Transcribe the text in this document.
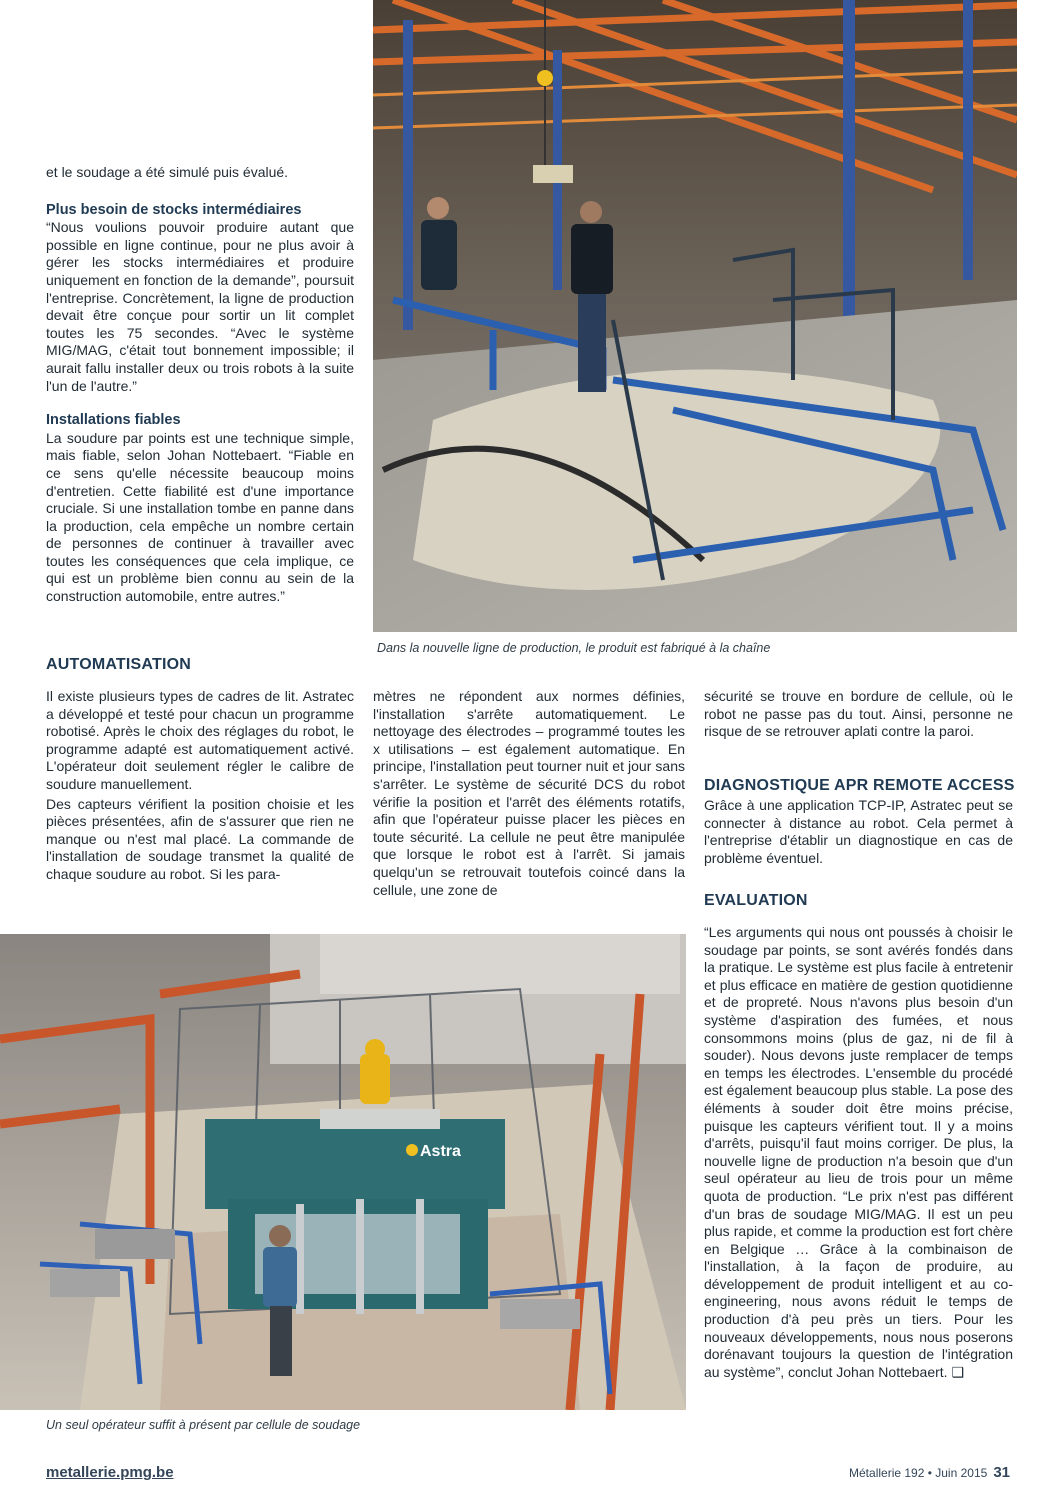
et le soudage a été simulé puis évalué.

Plus besoin de stocks intermédiaires

“Nous voulions pouvoir produire autant que possible en ligne continue, pour ne plus avoir à gérer les stocks intermédiaires et produire uniquement en fonction de la demande”, poursuit l'entreprise. Concrètement, la ligne de production devait être conçue pour sortir un lit complet toutes les 75 secondes. “Avec le système MIG/MAG, c'était tout bonnement impossible; il aurait fallu installer deux ou trois robots à la suite l'un de l'autre.”

Installations fiables

La soudure par points est une technique simple, mais fiable, selon Johan Nottebaert. “Fiable en ce sens qu'elle nécessite beaucoup moins d'entretien. Cette fiabilité est d'une importance cruciale. Si une installation tombe en panne dans la production, cela empêche un nombre certain de personnes de continuer à travailler avec toutes les conséquences que cela implique, ce qui est un problème bien connu au sein de la construction automobile, entre autres.”

AUTOMATISATION

Dans la nouvelle ligne de production, le produit est fabriqué à la chaîne

Il existe plusieurs types de cadres de lit. Astratec a développé et testé pour chacun un programme robotisé. Après le choix des réglages du robot, le programme adapté est automatiquement activé. L'opérateur doit seulement régler le calibre de soudure manuellement.

Des capteurs vérifient la position choisie et les pièces présentées, afin de s'assurer que rien ne manque ou n'est mal placé. La commande de l'installation de soudage transmet la qualité de chaque soudure au robot. Si les para-

mètres ne répondent aux normes définies, l'installation s'arrête automatiquement. Le nettoyage des électrodes – programmé toutes les x utilisations – est également automatique. En principe, l'installation peut tourner nuit et jour sans s'arrêter. Le système de sécurité DCS du robot vérifie la position et l'arrêt des éléments rotatifs, afin que l'opérateur puisse placer les pièces en toute sécurité. La cellule ne peut être manipulée que lorsque le robot est à l'arrêt. Si jamais quelqu'un se retrouvait toutefois coincé dans la cellule, une zone de

sécurité se trouve en bordure de cellule, où le robot ne passe pas du tout. Ainsi, personne ne risque de se retrouver aplati contre la paroi.

DIAGNOSTIQUE APR REMOTE ACCESS

Grâce à une application TCP-IP, Astratec peut se connecter à distance au robot. Cela permet à l'entreprise d'établir un diagnostique en cas de problème éventuel.

EVALUATION

“Les arguments qui nous ont poussés à choisir le soudage par points, se sont avérés fondés dans la pratique. Le système est plus facile à entretenir et plus efficace en matière de gestion quotidienne et de propreté. Nous n'avons plus besoin d'un système d'aspiration des fumées, et nous consommons moins (plus de gaz, ni de fil à souder). Nous devons juste remplacer de temps en temps les électrodes. L'ensemble du procédé est également beaucoup plus stable. La pose des éléments à souder doit être moins précise, puisque les capteurs vérifient tout. Il y a moins d'arrêts, puisqu'il faut moins corriger. De plus, la nouvelle ligne de production n'a besoin que d'un seul opérateur au lieu de trois pour un même quota de production. “Le prix n'est pas différent d'un bras de soudage MIG/MAG. Il est un peu plus rapide, et comme la production est fort chère en Belgique … Grâce à la combinaison de l'installation, à la façon de produire, au développement de produit intelligent et au co-engineering, nous avons réduit le temps de production d'à peu près un tiers. Pour les nouveaux développements, nous nous poserons dorénavant toujours la question de l'intégration au système”, conclut Johan Nottebaert. ❑

Astra

Un seul opérateur suffit à présent par cellule de soudage

metallerie.pmg.be	Métallerie 192 • Juin 2015 31
